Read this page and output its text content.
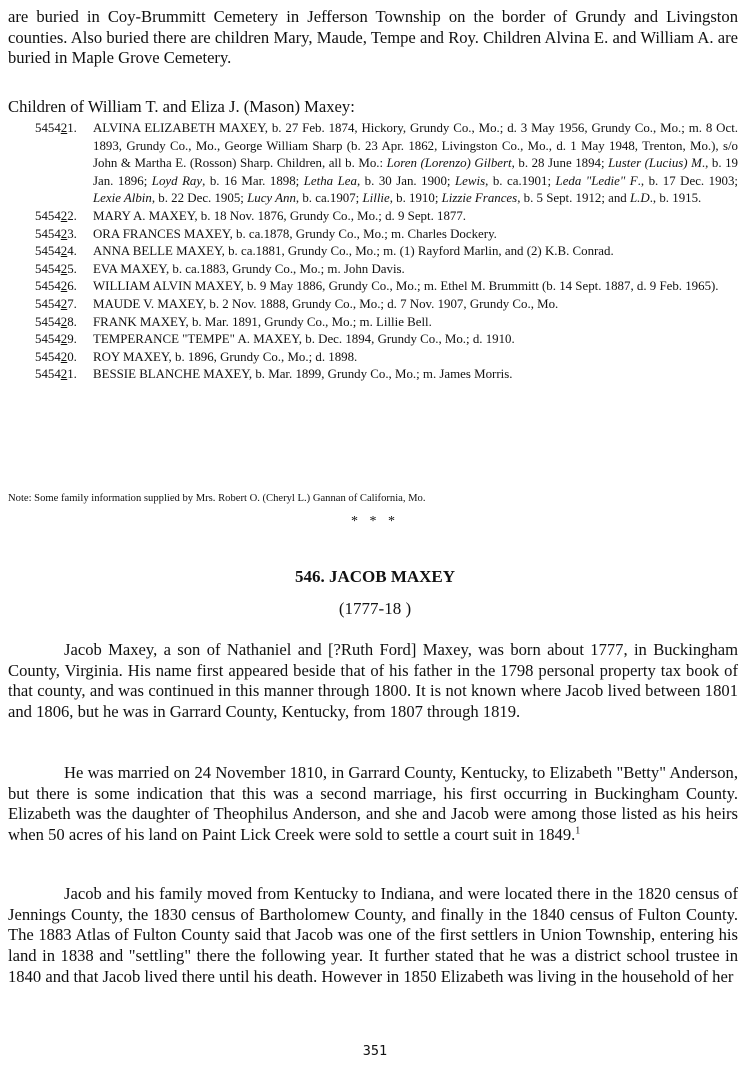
are buried in Coy-Brummitt Cemetery in Jefferson Township on the border of Grundy and Livingston counties. Also buried there are children Mary, Maude, Tempe and Roy. Children Alvina E. and William A. are buried in Maple Grove Cemetery.
Children of William T. and Eliza J. (Mason) Maxey:
545421.	ALVINA ELIZABETH MAXEY, b. 27 Feb. 1874, Hickory, Grundy Co., Mo.; d. 3 May 1956, Grundy Co., Mo.; m. 8 Oct. 1893, Grundy Co., Mo., George William Sharp (b. 23 Apr. 1862, Livingston Co., Mo., d. 1 May 1948, Trenton, Mo.), s/o John & Martha E. (Rosson) Sharp. Children, all b. Mo.: Loren (Lorenzo) Gilbert, b. 28 June 1894; Luster (Lucius) M., b. 19 Jan. 1896; Loyd Ray, b. 16 Mar. 1898; Letha Lea, b. 30 Jan. 1900; Lewis, b. ca.1901; Leda "Ledie" F., b. 17 Dec. 1903; Lexie Albin, b. 22 Dec. 1905; Lucy Ann, b. ca.1907; Lillie, b. 1910; Lizzie Frances, b. 5 Sept. 1912; and L.D., b. 1915.
545422.	MARY A. MAXEY, b. 18 Nov. 1876, Grundy Co., Mo.; d. 9 Sept. 1877.
545423.	ORA FRANCES MAXEY, b. ca.1878, Grundy Co., Mo.; m. Charles Dockery.
545424.	ANNA BELLE MAXEY, b. ca.1881, Grundy Co., Mo.; m. (1) Rayford Marlin, and (2) K.B. Conrad.
545425.	EVA MAXEY, b. ca.1883, Grundy Co., Mo.; m. John Davis.
545426.	WILLIAM ALVIN MAXEY, b. 9 May 1886, Grundy Co., Mo.; m. Ethel M. Brummitt (b. 14 Sept. 1887, d. 9 Feb. 1965).
545427.	MAUDE V. MAXEY, b. 2 Nov. 1888, Grundy Co., Mo.; d. 7 Nov. 1907, Grundy Co., Mo.
545428.	FRANK MAXEY, b. Mar. 1891, Grundy Co., Mo.; m. Lillie Bell.
545429.	TEMPERANCE "TEMPE" A. MAXEY, b. Dec. 1894, Grundy Co., Mo.; d. 1910.
545420.	ROY MAXEY, b. 1896, Grundy Co., Mo.; d. 1898.
545421.	BESSIE BLANCHE MAXEY, b. Mar. 1899, Grundy Co., Mo.; m. James Morris.
Note: Some family information supplied by Mrs. Robert O. (Cheryl L.) Gannan of California, Mo.
* * *
546. JACOB MAXEY
(1777-18 )

Jacob Maxey, a son of Nathaniel and [?Ruth Ford] Maxey, was born about 1777, in Buckingham County, Virginia. His name first appeared beside that of his father in the 1798 personal property tax book of that county, and was continued in this manner through 1800. It is not known where Jacob lived between 1801 and 1806, but he was in Garrard County, Kentucky, from 1807 through 1819.

He was married on 24 November 1810, in Garrard County, Kentucky, to Elizabeth "Betty" Anderson, but there is some indication that this was a second marriage, his first occurring in Buckingham County. Elizabeth was the daughter of Theophilus Anderson, and she and Jacob were among those listed as his heirs when 50 acres of his land on Paint Lick Creek were sold to settle a court suit in 1849.$^1$

Jacob and his family moved from Kentucky to Indiana, and were located there in the 1820 census of Jennings County, the 1830 census of Bartholomew County, and finally in the 1840 census of Fulton County. The 1883 Atlas of Fulton County said that Jacob was one of the first settlers in Union Township, entering his land in 1838 and "settling" there the following year. It further stated that he was a district school trustee in 1840 and that Jacob lived there until his death. However in 1850 Elizabeth was living in the household of her

351
